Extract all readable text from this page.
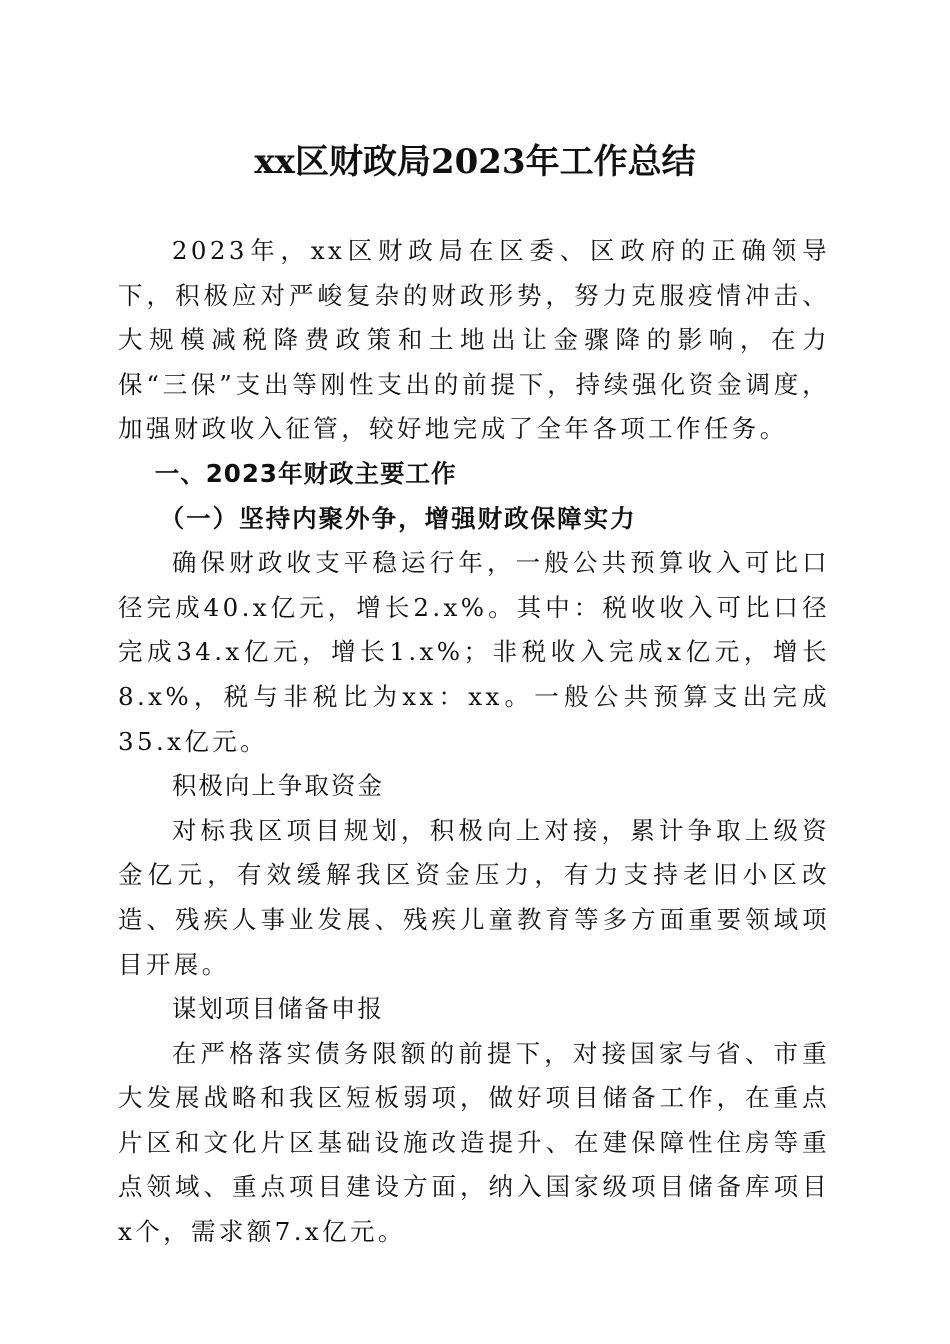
xx区财政局2023年工作总结

2023年，xx区财政局在区委、区政府的正确领导下，积极应对严峻复杂的财政形势，努力克服疫情冲击、大规模减税降费政策和土地出让金骤降的影响，在力保“三保”支出等刚性支出的前提下，持续强化资金调度，加强财政收入征管，较好地完成了全年各项工作任务。

一、2023年财政主要工作

（一）坚持内聚外争，增强财政保障实力

确保财政收支平稳运行年，一般公共预算收入可比口径完成40.x亿元，增长2.x%。其中：税收收入可比口径完成34.x亿元，增长1.x%；非税收入完成x亿元，增长8.x%，税与非税比为xx：xx。一般公共预算支出完成35.x亿元。

积极向上争取资金

对标我区项目规划，积极向上对接，累计争取上级资金亿元，有效缓解我区资金压力，有力支持老旧小区改造、残疾人事业发展、残疾儿童教育等多方面重要领域项目开展。

谋划项目储备申报

在严格落实债务限额的前提下，对接国家与省、市重大发展战略和我区短板弱项，做好项目储备工作，在重点片区和文化片区基础设施改造提升、在建保障性住房等重点领域、重点项目建设方面，纳入国家级项目储备库项目x个，需求额7.x亿元。
